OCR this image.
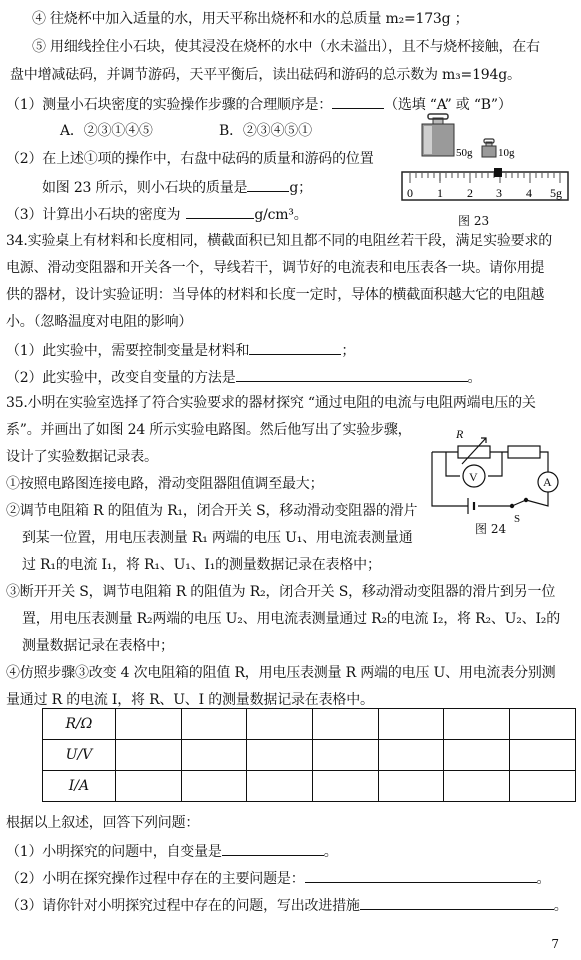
④ 往烧杯中加入适量的水，用天平称出烧杯和水的总质量 m₂=173g ；
⑤ 用细线拴住小石块，使其浸没在烧杯的水中（水未溢出），且不与烧杯接触，在右
盘中增减砝码，并调节游码，天平平衡后，读出砝码和游码的总示数为 m₃=194g。
（1）测量小石块密度的实验操作步骤的合理顺序是：	（选填 “A” 或 “B”）
A．②③①④⑤	B．②③④⑤①
（2）在上述①项的操作中，右盘中砝码的质量和游码的位置
如图 23 所示，则小石块的质量是	g；
（3）计算出小石块的密度为	g/cm³。
50g 10g
0 1 2 3 4 5g
图 23
34.实验桌上有材料和长度相同，横截面积已知且都不同的电阻丝若干段，满足实验要求的
电源、滑动变阻器和开关各一个，导线若干，调节好的电流表和电压表各一块。请你用提
供的器材，设计实验证明：当导体的材料和长度一定时，导体的横截面积越大它的电阻越
小。（忽略温度对电阻的影响）
（1）此实验中，需要控制变量是材料和	；
（2）此实验中，改变自变量的方法是	。
35.小明在实验室选择了符合实验要求的器材探究 “通过电阻的电流与电阻两端电压的关
系”。并画出了如图 24 所示实验电路图。然后他写出了实验步骤，
设计了实验数据记录表。
①按照电路图连接电路，滑动变阻器阻值调至最大；
②调节电阻箱 R 的阻值为 R₁，闭合开关 S，移动滑动变阻器的滑片
到某一位置，用电压表测量 R₁ 两端的电压 U₁、用电流表测量通
过 R₁的电流 I₁，将 R₁、U₁、I₁的测量数据记录在表格中；
③断开开关 S，调节电阻箱 R 的阻值为 R₂，闭合开关 S，移动滑动变阻器的滑片到另一位
置，用电压表测量 R₂两端的电压 U₂、用电流表测量通过 R₂的电流 I₂，将 R₂、U₂、I₂的
测量数据记录在表格中；
④仿照步骤③改变 4 次电阻箱的阻值 R，用电压表测量 R 两端的电压 U、用电流表分别测
量通过 R 的电流 I，将 R、U、I 的测量数据记录在表格中。
R
V	A
S
图 24
R/Ω							
U/V							
I/A							
根据以上叙述，回答下列问题：
（1）小明探究的问题中，自变量是	。
（2）小明在探究操作过程中存在的主要问题是：	。
（3）请你针对小明探究过程中存在的问题，写出改进措施	。
7
